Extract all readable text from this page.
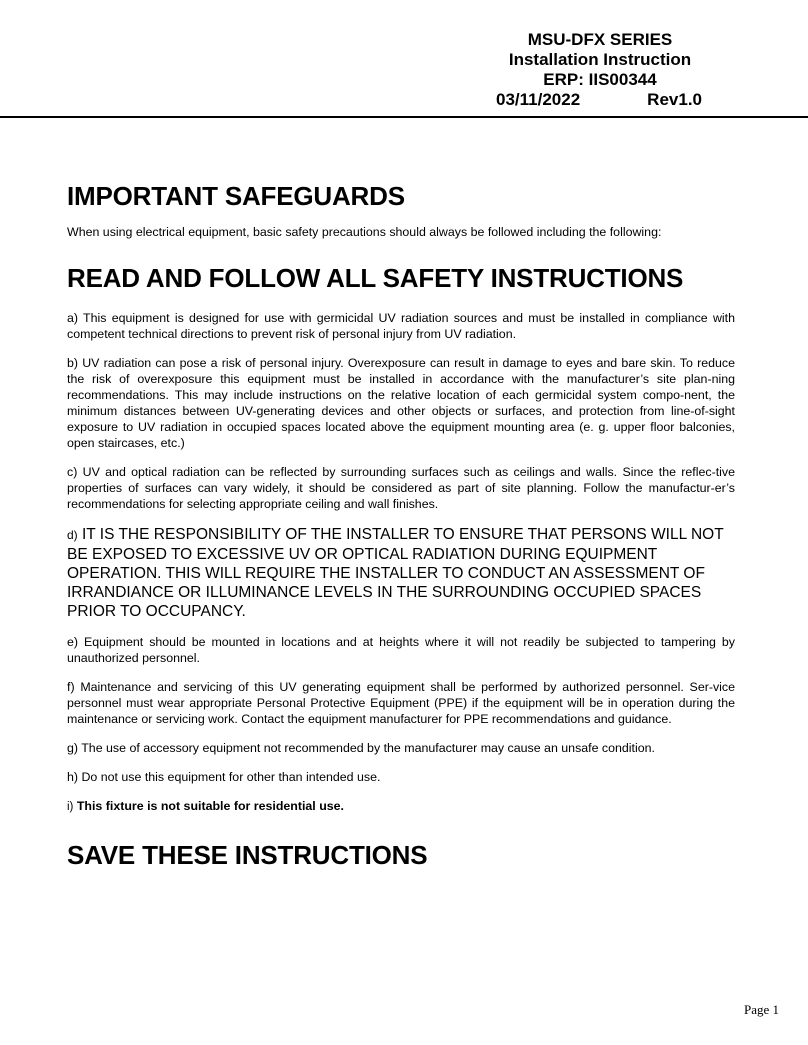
MSU-DFX SERIES
Installation Instruction
ERP: IIS00344
03/11/2022	Rev1.0
IMPORTANT SAFEGUARDS

When using electrical equipment, basic safety precautions should always be followed including the following:

READ AND FOLLOW ALL SAFETY INSTRUCTIONS

a) This equipment is designed for use with germicidal UV radiation sources and must be installed in compliance with competent technical directions to prevent risk of personal injury from UV radiation.

b) UV radiation can pose a risk of personal injury. Overexposure can result in damage to eyes and bare skin. To reduce the risk of overexposure this equipment must be installed in accordance with the manufacturer’s site plan-ning recommendations. This may include instructions on the relative location of each germicidal system compo-nent, the minimum distances between UV-generating devices and other objects or surfaces, and protection from line-of-sight exposure to UV radiation in occupied spaces located above the equipment mounting area (e. g. upper floor balconies, open staircases, etc.)

c) UV and optical radiation can be reflected by surrounding surfaces such as ceilings and walls. Since the reflec-tive properties of surfaces can vary widely, it should be considered as part of site planning. Follow the manufactur-er’s recommendations for selecting appropriate ceiling and wall finishes.

d) IT IS THE RESPONSIBILITY OF THE INSTALLER TO ENSURE THAT PERSONS WILL NOT BE EXPOSED TO EXCESSIVE UV OR OPTICAL RADIATION DURING EQUIPMENT OPERATION. THIS WILL REQUIRE THE INSTALLER TO CONDUCT AN ASSESSMENT OF IRRANDIANCE OR ILLUMINANCE LEVELS IN THE SURROUNDING OCCUPIED SPACES PRIOR TO OCCUPANCY.

e) Equipment should be mounted in locations and at heights where it will not readily be subjected to tampering by unauthorized personnel.

f) Maintenance and servicing of this UV generating equipment shall be performed by authorized personnel. Ser-vice personnel must wear appropriate Personal Protective Equipment (PPE) if the equipment will be in operation during the maintenance or servicing work. Contact the equipment manufacturer for PPE recommendations and guidance.

g) The use of accessory equipment not recommended by the manufacturer may cause an unsafe condition.

h) Do not use this equipment for other than intended use.

i) This fixture is not suitable for residential use.

SAVE THESE INSTRUCTIONS
Page 1
